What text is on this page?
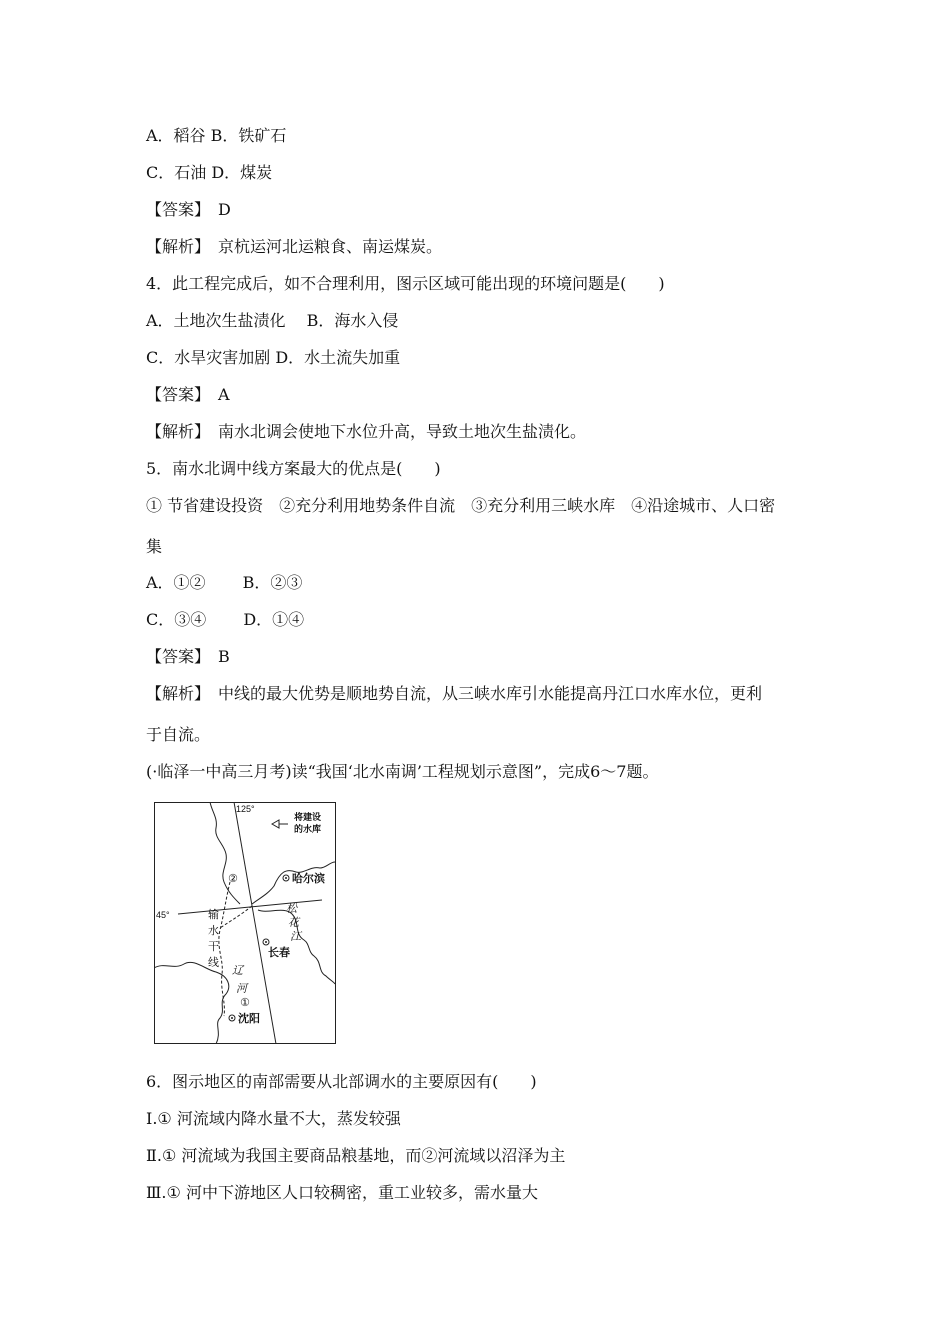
A．稻谷 B．铁矿石
C．石油 D．煤炭
【答案】　D
【解析】　京杭运河北运粮食、南运煤炭。
4．此工程完成后，如不合理利用，图示区域可能出现的环境问题是(　　)
A．土地次生盐渍化　 B．海水入侵
C．水旱灾害加剧 D．水土流失加重
【答案】　A
【解析】　南水北调会使地下水位升高，导致土地次生盐渍化。
5．南水北调中线方案最大的优点是(　　)
① 节省建设投资　②充分利用地势条件自流　③充分利用三峡水库　④沿途城市、人口密
集
A．①②　　 B．②③
C．③④　　 D．①④
【答案】　B
【解析】　中线的最大优势是顺地势自流，从三峡水库引水能提高丹江口水库水位，更利
于自流。
(·临泽一中高三月考)读“我国‘北水南调’工程规划示意图”，完成6～7题。
125°
45°
将建设
的水库
②	哈尔滨
长春
输
水
干
线
松
花
江
辽
河
①
沈阳
6．图示地区的南部需要从北部调水的主要原因有(　　)
Ⅰ.① 河流域内降水量不大，蒸发较强
Ⅱ.① 河流域为我国主要商品粮基地，而②河流域以沼泽为主
Ⅲ.① 河中下游地区人口较稠密，重工业较多，需水量大
